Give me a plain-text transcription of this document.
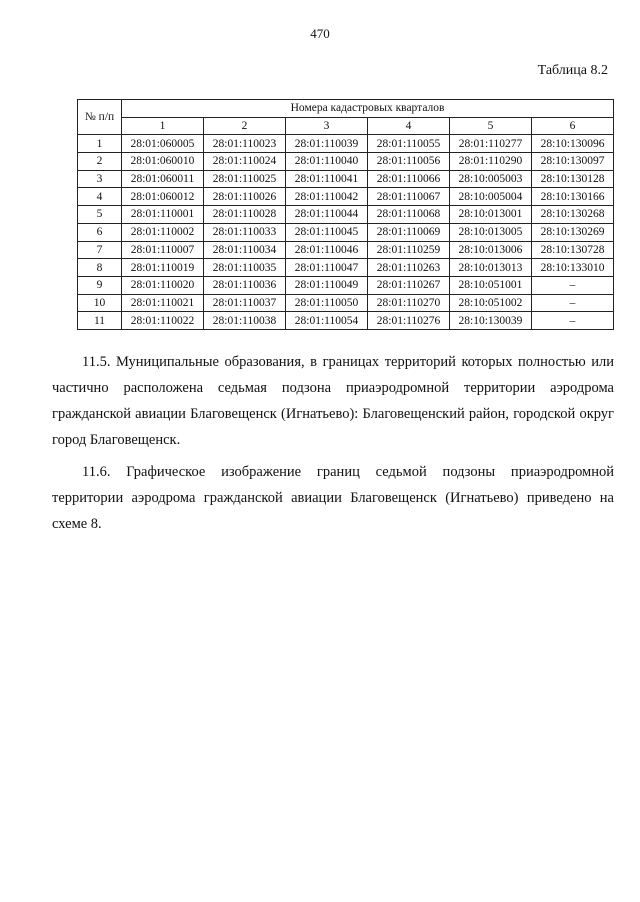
470
Таблица 8.2
№ п/п	Номера кадастровых кварталов					
	1	2	3	4	5	6
1	28:01:060005	28:01:110023	28:01:110039	28:01:110055	28:01:110277	28:10:130096
2	28:01:060010	28:01:110024	28:01:110040	28:01:110056	28:01:110290	28:10:130097
3	28:01:060011	28:01:110025	28:01:110041	28:01:110066	28:10:005003	28:10:130128
4	28:01:060012	28:01:110026	28:01:110042	28:01:110067	28:10:005004	28:10:130166
5	28:01:110001	28:01:110028	28:01:110044	28:01:110068	28:10:013001	28:10:130268
6	28:01:110002	28:01:110033	28:01:110045	28:01:110069	28:10:013005	28:10:130269
7	28:01:110007	28:01:110034	28:01:110046	28:01:110259	28:10:013006	28:10:130728
8	28:01:110019	28:01:110035	28:01:110047	28:01:110263	28:10:013013	28:10:133010
9	28:01:110020	28:01:110036	28:01:110049	28:01:110267	28:10:051001	–
10	28:01:110021	28:01:110037	28:01:110050	28:01:110270	28:10:051002	–
11	28:01:110022	28:01:110038	28:01:110054	28:01:110276	28:10:130039	–

11.5. Муниципальные образования, в границах территорий которых полностью или частично расположена седьмая подзона приаэродромной территории аэродрома гражданской авиации Благовещенск (Игнатьево): Благовещенский район, городской округ город Благовещенск.

11.6. Графическое изображение границ седьмой подзоны приаэродромной территории аэродрома гражданской авиации Благовещенск (Игнатьево) приведено на схеме 8.
